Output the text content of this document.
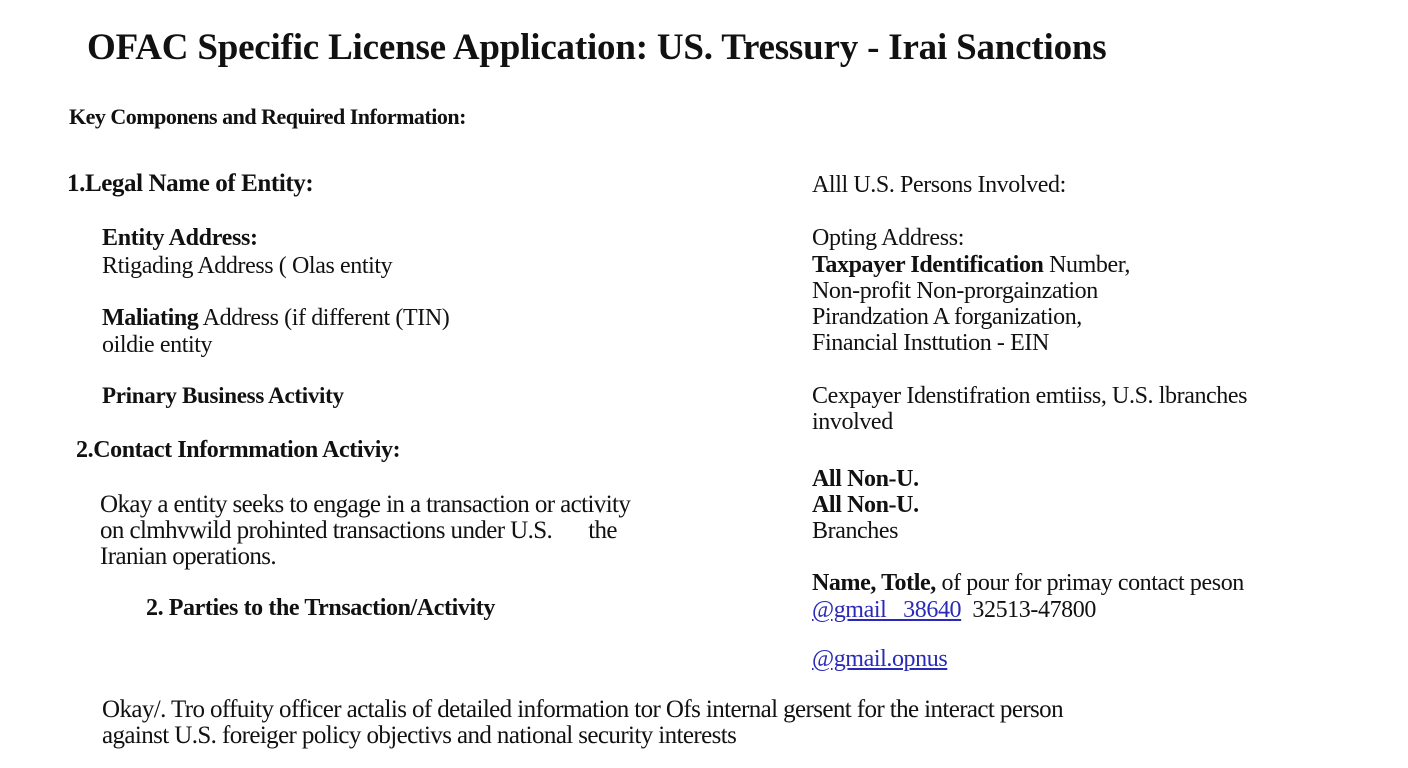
OFAC Specific License Application: US. Tressury - Irai Sanctions
Key Componens and Required Information:
1.Legal Name of Entity:
Entity Address:
Rtigading Address ( Olas entity
Maliating Address (if different (TIN)
oildie entity
Prinary Business Activity
2.Contact Informmation Activiy:
Okay a entity seeks to engage in a transaction or activity
on clmhvwild prohinted transactions under U.S. the
Iranian operations.
2. Parties to the Trnsaction/Activity
Alll U.S. Persons Involved:
Opting Address:
Taxpayer Identification Number,
Non-profit Non-prorgainzation
Pirandzation A forganization,
Financial Insttution - EIN
Cexpayer Idenstifration emtiiss, U.S. lbranches
involved
All Non-U.
All Non-U.
Branches
Name, Totle, of pour for primay contact peson
@gmail   38640 32513-47800
@gmail.opnus
Okay/. Tro offuity officer actalis of detailed information tor Ofs internal gersent for the interact person
against U.S. foreiger policy objectivs and national security interests
